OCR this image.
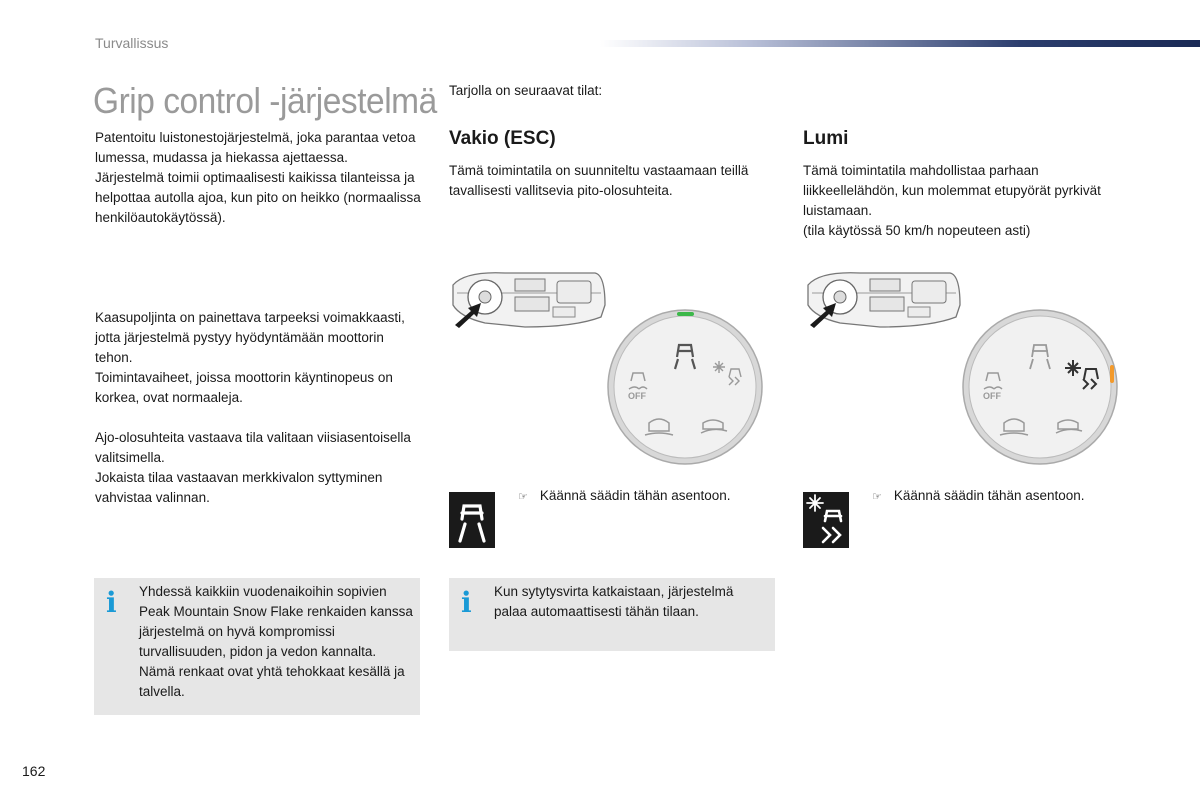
Turvallissus
Grip control -järjestelmä

Patentoitu luistonestojärjestelmä, joka parantaa vetoa lumessa, mudassa ja hiekassa ajettaessa.

Järjestelmä toimii optimaalisesti kaikissa tilanteissa ja helpottaa autolla ajoa, kun pito on heikko (normaalissa henkilöautokäytössä).

Kaasupoljinta on painettava tarpeeksi voimakkaasti, jotta järjestelmä pystyy hyödyntämään moottorin tehon.

Toimintavaiheet, joissa moottorin käyntinopeus on korkea, ovat normaaleja.

Ajo-olosuhteita vastaava tila valitaan viisiasentoisella valitsimella.

Jokaista tilaa vastaavan merkkivalon syttyminen vahvistaa valinnan.

Tarjolla on seuraavat tilat:
Vakio (ESC)	Lumi

Tämä toimintatila on suunniteltu vastaamaan teillä tavallisesti vallitsevia pito-olosuhteita.

Tämä toimintatila mahdollistaa parhaan liikkeellelähdön, kun molemmat etupyörät pyrkivät luistamaan.

(tila käytössä 50 km/h nopeuteen asti)

OFF	OFF
☞ Käännä säädin tähän asentoon.	☞ Käännä säädin tähän asentoon.
i Yhdessä kaikkiin vuodenaikoihin sopivien Peak Mountain Snow Flake renkaiden kanssa järjestelmä on hyvä kompromissi turvallisuuden, pidon ja vedon kannalta. Nämä renkaat ovat yhtä tehokkaat kesällä ja talvella.
i Kun sytytysvirta katkaistaan, järjestelmä palaa automaattisesti tähän tilaan.
162
